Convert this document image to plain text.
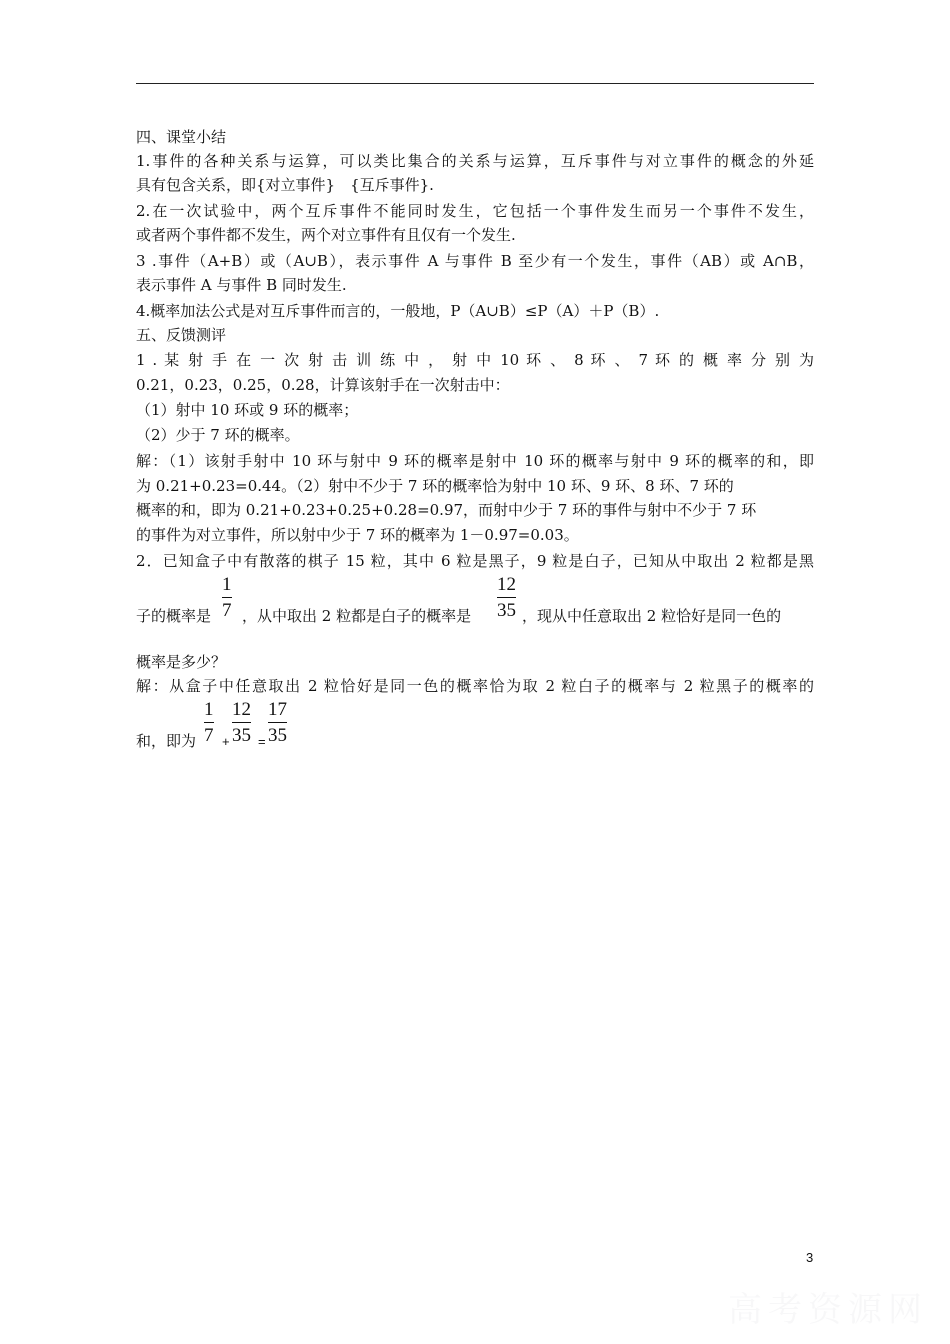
四、课堂小结
1.事件的各种关系与运算，可以类比集合的关系与运算，互斥事件与对立事件的概念的外延
具有包含关系，即{对立事件}　{互斥事件}.
2.在一次试验中，两个互斥事件不能同时发生，它包括一个事件发生而另一个事件不发生，
或者两个事件都不发生，两个对立事件有且仅有一个发生.
3 .事件（A+B）或（A∪B），表示事件 A 与事件 B 至少有一个发生，事件（AB）或 A∩B，
表示事件 A 与事件 B 同时发生.
4.概率加法公式是对互斥事件而言的，一般地，P（A∪B）≤P（A）＋P（B）.
五、反馈测评
1 . 某 射 手 在 一 次 射 击 训 练 中 ， 射 中 10 环 、 8 环 、 7 环 的 概 率 分 别 为
0.21，0.23，0.25，0.28，计算该射手在一次射击中：
（1）射中 10 环或 9 环的概率；
（2）少于 7 环的概率。
解：（1）该射手射中 10 环与射中 9 环的概率是射中 10 环的概率与射中 9 环的概率的和，即
为 0.21+0.23=0.44。（2）射中不少于 7 环的概率恰为射中 10 环、9 环、8 环、7 环的
概率的和，即为 0.21+0.23+0.25+0.28=0.97，而射中少于 7 环的事件与射中不少于 7 环
的事件为对立事件，所以射中少于 7 环的概率为 1－0.97=0.03。
2．已知盒子中有散落的棋子 15 粒，其中 6 粒是黑子，9 粒是白子，已知从中取出 2 粒都是黑
子的概率是
1
7 ，从中取出 2 粒都是白子的概率是
12
35 ，现从中任意取出 2 粒恰好是同一色的
概率是多少？
解：从盒子中任意取出 2 粒恰好是同一色的概率恰为取 2 粒白子的概率与 2 粒黑子的概率的
和，即为
1
7 +
12
35 =
17
35
3
高考资源网
